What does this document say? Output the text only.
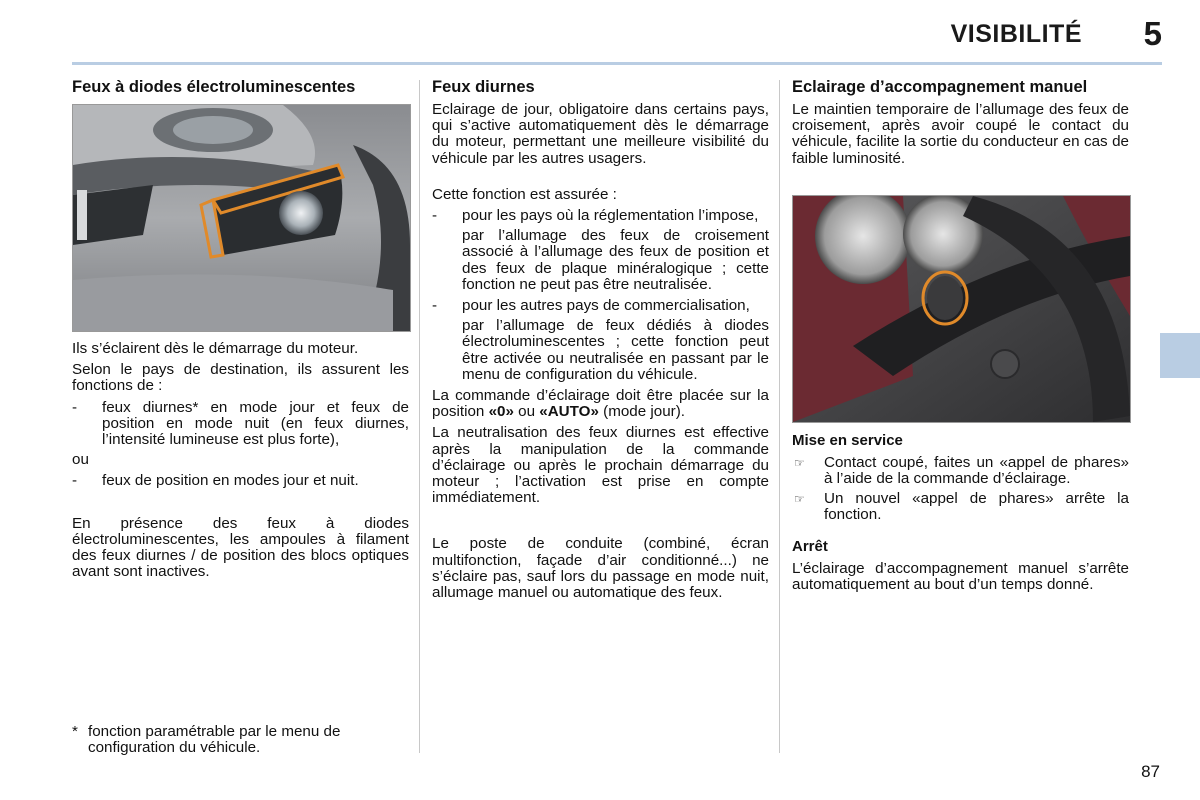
VISIBILITÉ 5
Feux à diodes électroluminescentes

Ils s’éclairent dès le démarrage du moteur.

Selon le pays de destination, ils assurent les fonctions de :

-	feux diurnes* en mode jour et feux de position en mode nuit (en feux diurnes, l’intensité lumineuse est plus forte),

ou

-	feux de position en modes jour et nuit.

En présence des feux à diodes électroluminescentes, les ampoules à filament des feux diurnes / de position des blocs optiques avant sont inactives.

* fonction paramétrable par le menu de configuration du véhicule.
Feux diurnes

Eclairage de jour, obligatoire dans certains pays, qui s’active automatiquement dès le démarrage du moteur, permettant une meilleure visibilité du véhicule par les autres usagers.

Cette fonction est assurée :

-	pour les pays où la réglementation l’impose,

par l’allumage des feux de croisement associé à l’allumage des feux de position et des feux de plaque minéralogique ; cette fonction ne peut pas être neutralisée.

-	pour les autres pays de commercialisation,

par l’allumage de feux dédiés à diodes électroluminescentes ; cette fonction peut être activée ou neutralisée en passant par le menu de configuration du véhicule.

La commande d’éclairage doit être placée sur la position «0» ou «AUTO» (mode jour).

La neutralisation des feux diurnes est effective après la manipulation de la commande d’éclairage ou après le prochain démarrage du moteur ; l’activation est prise en compte immédiatement.

Le poste de conduite (combiné, écran multifonction, façade d’air conditionné...) ne s’éclaire pas, sauf lors du passage en mode nuit, allumage manuel ou automatique des feux.

Eclairage d’accompagnement manuel

Le maintien temporaire de l’allumage des feux de croisement, après avoir coupé le contact du véhicule, facilite la sortie du conducteur en cas de faible luminosité.

Mise en service
☞	Contact coupé, faites un «appel de phares» à l’aide de la commande d’éclairage.
☞	Un nouvel «appel de phares» arrête la fonction.
Arrêt

L’éclairage d’accompagnement manuel s’arrête automatiquement au bout d’un temps donné.

87
